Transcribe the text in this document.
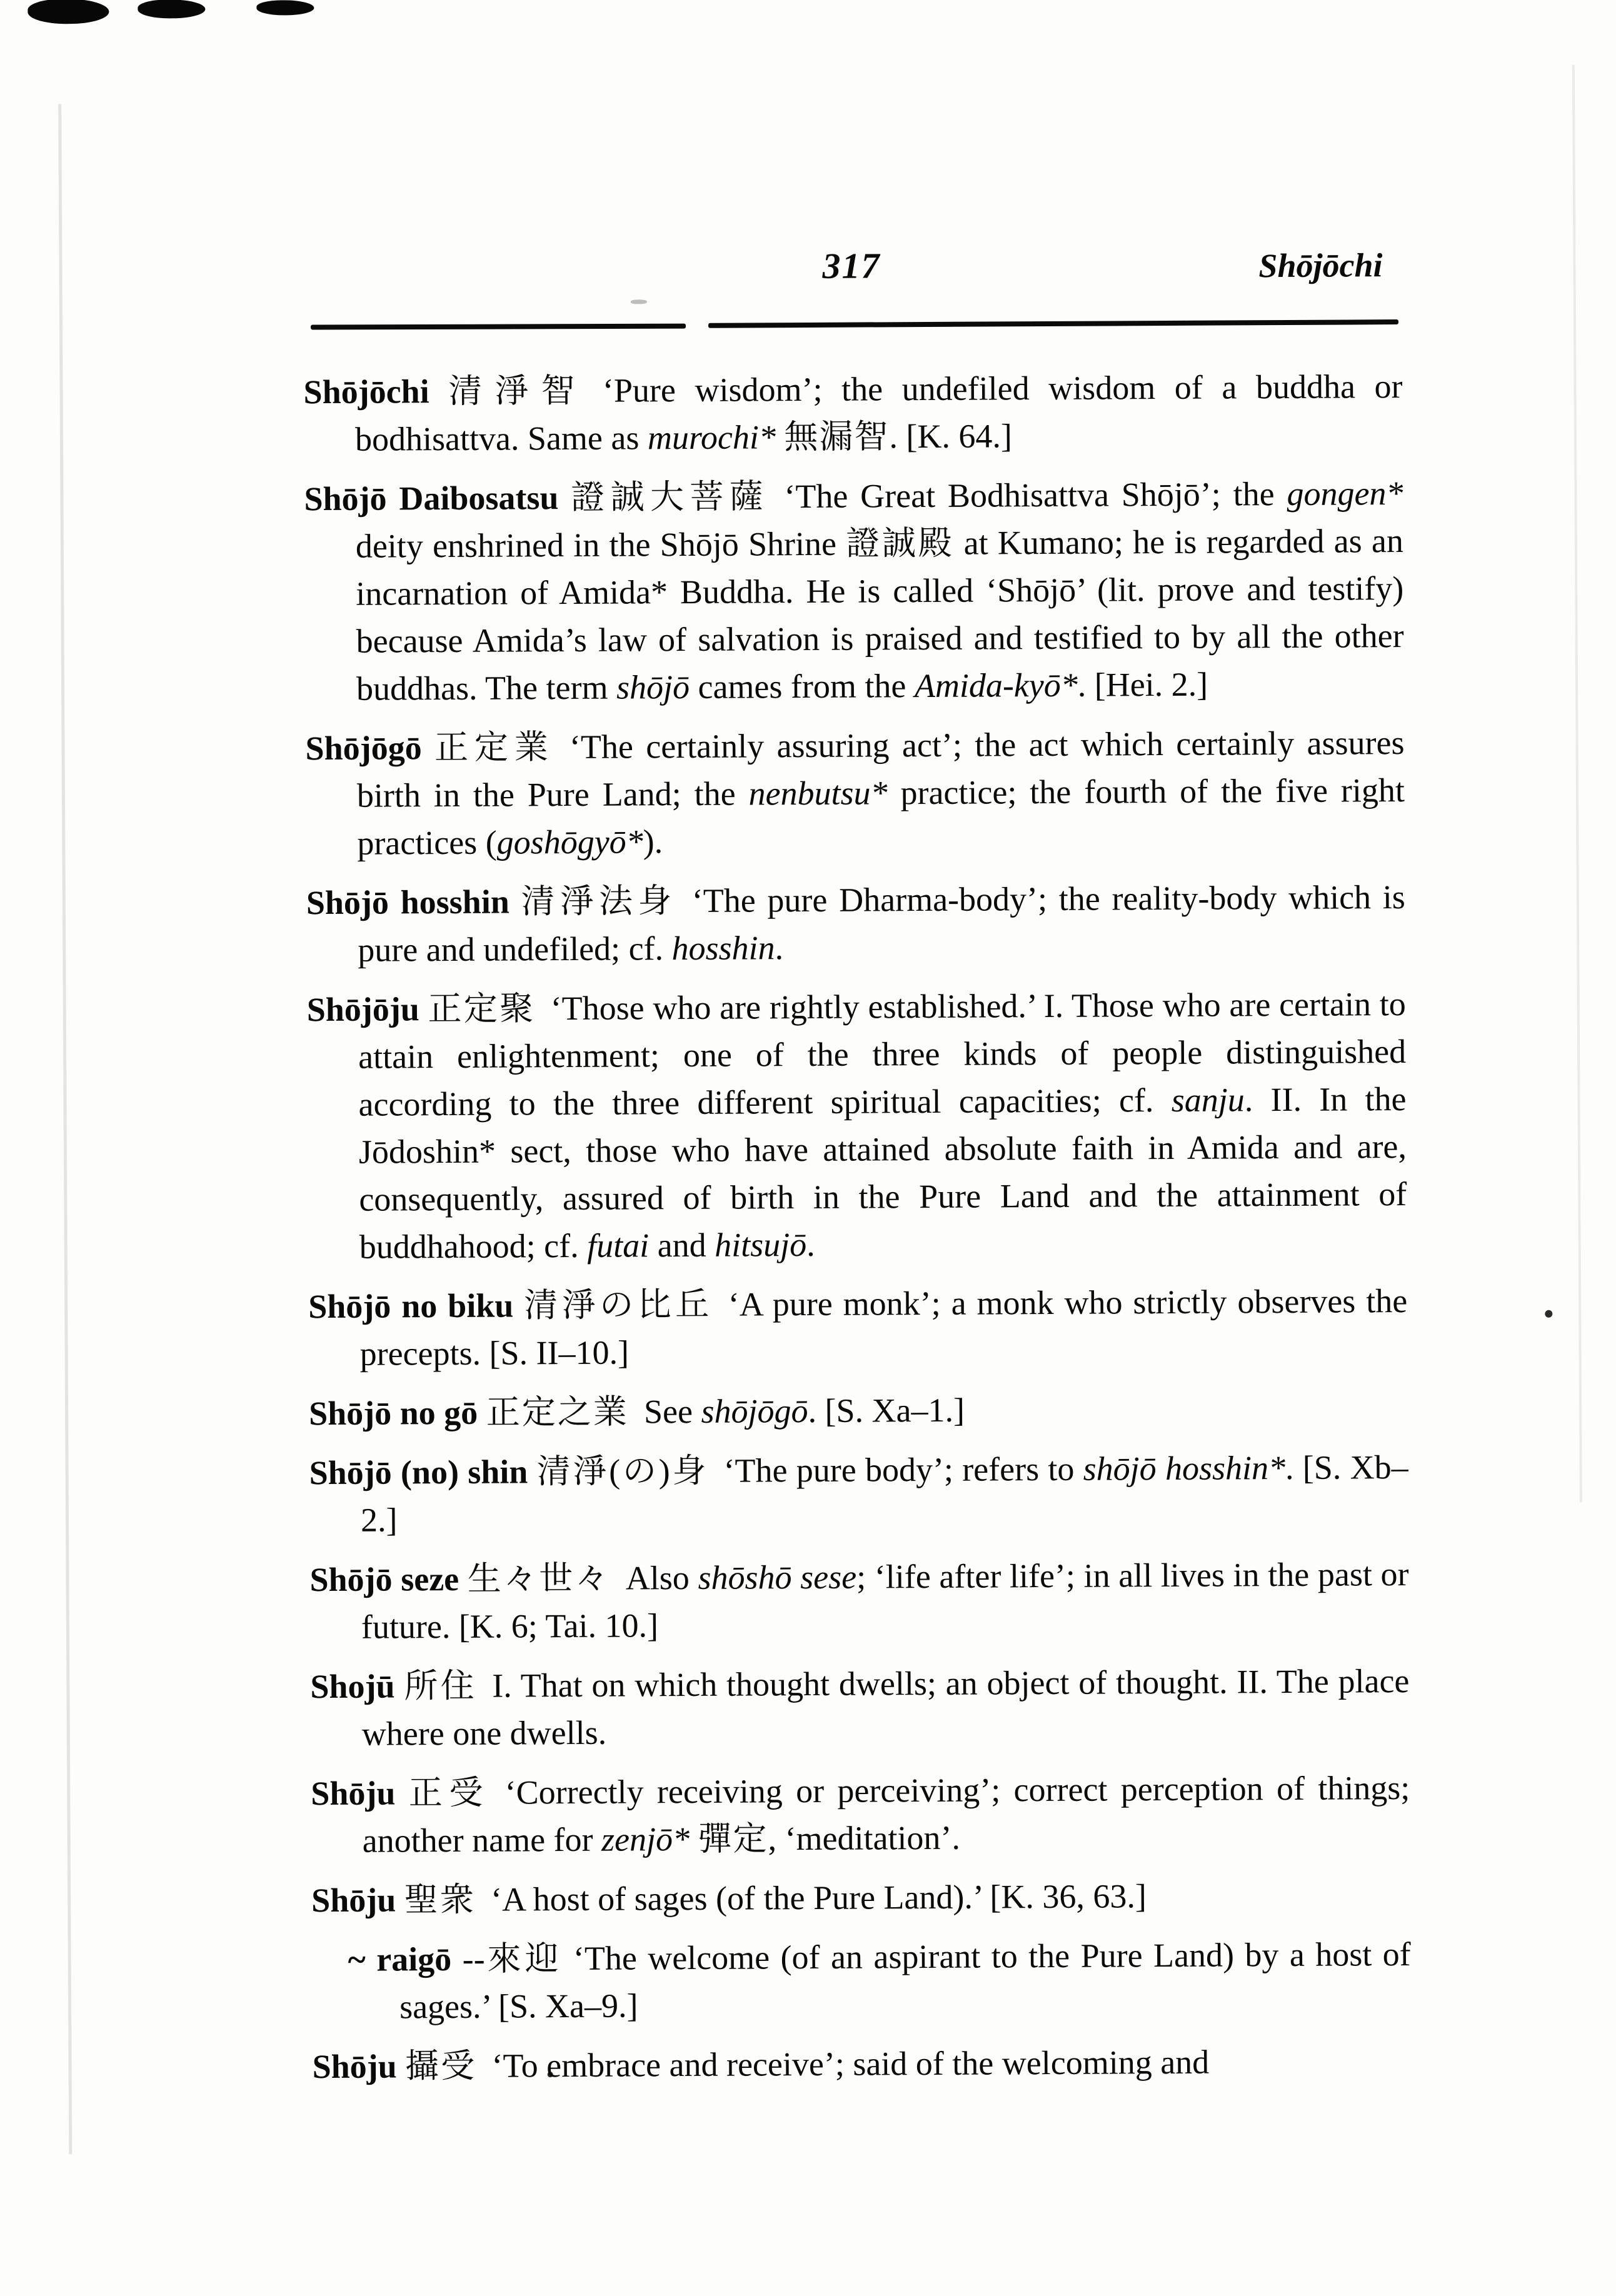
317	Shōjōchi
Shōjōchi 清淨智 ‘Pure wisdom’; the undefiled wisdom of a buddha or bodhisattva. Same as murochi* 無漏智. [K. 64.]
Shōjō Daibosatsu 證誠大菩薩 ‘The Great Bodhisattva Shōjō’; the gongen* deity enshrined in the Shōjō Shrine 證誠殿 at Kumano; he is regarded as an incarnation of Amida* Buddha. He is called ‘Shōjō’ (lit. prove and testify) because Amida’s law of salvation is praised and testified to by all the other buddhas. The term shōjō cames from the Amida-kyō*. [Hei. 2.]
Shōjōgō 正定業 ‘The certainly assuring act’; the act which certainly assures birth in the Pure Land; the nenbutsu* practice; the fourth of the five right practices (goshōgyō*).
Shōjō hosshin 清淨法身 ‘The pure Dharma-body’; the reality-body which is pure and undefiled; cf. hosshin.
Shōjōju 正定聚 ‘Those who are rightly established.’ I. Those who are certain to attain enlightenment; one of the three kinds of people distinguished according to the three different spiritual capacities; cf. sanju. II. In the Jōdoshin* sect, those who have attained absolute faith in Amida and are, consequently, assured of birth in the Pure Land and the attainment of buddhahood; cf. futai and hitsujō.
Shōjō no biku 清淨の比丘 ‘A pure monk’; a monk who strictly observes the precepts. [S. II–10.]
Shōjō no gō 正定之業 See shōjōgō. [S. Xa–1.]
Shōjō (no) shin 清淨(の)身 ‘The pure body’; refers to shōjō hosshin*. [S. Xb–2.]
Shōjō seze 生々世々 Also shōshō sese; ‘life after life’; in all lives in the past or future. [K. 6; Tai. 10.]
Shojū 所住 I. That on which thought dwells; an object of thought. II. The place where one dwells.
Shōju 正受 ‘Correctly receiving or perceiving’; correct perception of things; another name for zenjō* 彈定, ‘meditation’.
Shōju 聖衆 ‘A host of sages (of the Pure Land).’ [K. 36, 63.]
~ raigō --來迎 ‘The welcome (of an aspirant to the Pure Land) by a host of sages.’ [S. Xa–9.]
Shōju 攝受 ‘To embrace and receive’; said of the welcoming and
